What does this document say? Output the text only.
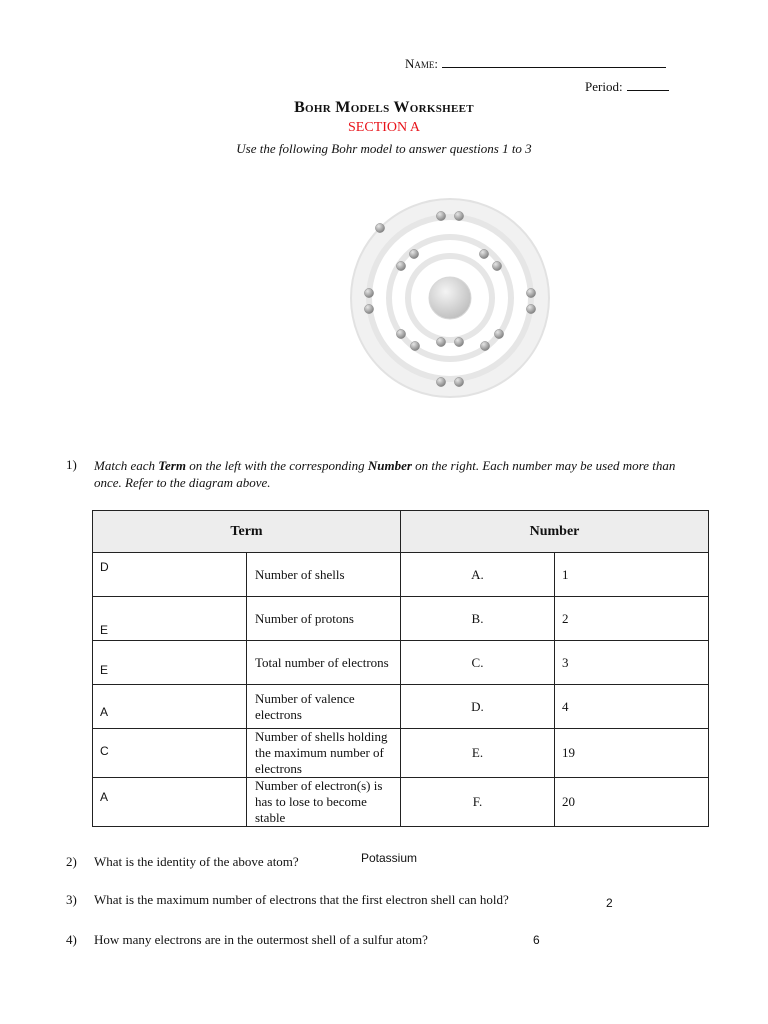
Name:
Period:
Bohr Models Worksheet
SECTION A
Use the following Bohr model to answer questions 1 to 3
1) Match each Term on the left with the corresponding Number on the right. Each number may be used more than once. Refer to the diagram above.
Term		Number	

D	Number of shells	A.	1

E	Number of protons	B.	2

E	Total number of electrons	C.	3

A	Number of valence electrons	D.	4

C	Number of shells holding the maximum number of electrons	E.	19

A	Number of electron(s) is has to lose to become stable	F.	20
2) What is the identity of the above atom?	Potassium
3) What is the maximum number of electrons that the first electron shell can hold?	2
4) How many electrons are in the outermost shell of a sulfur atom?	6
